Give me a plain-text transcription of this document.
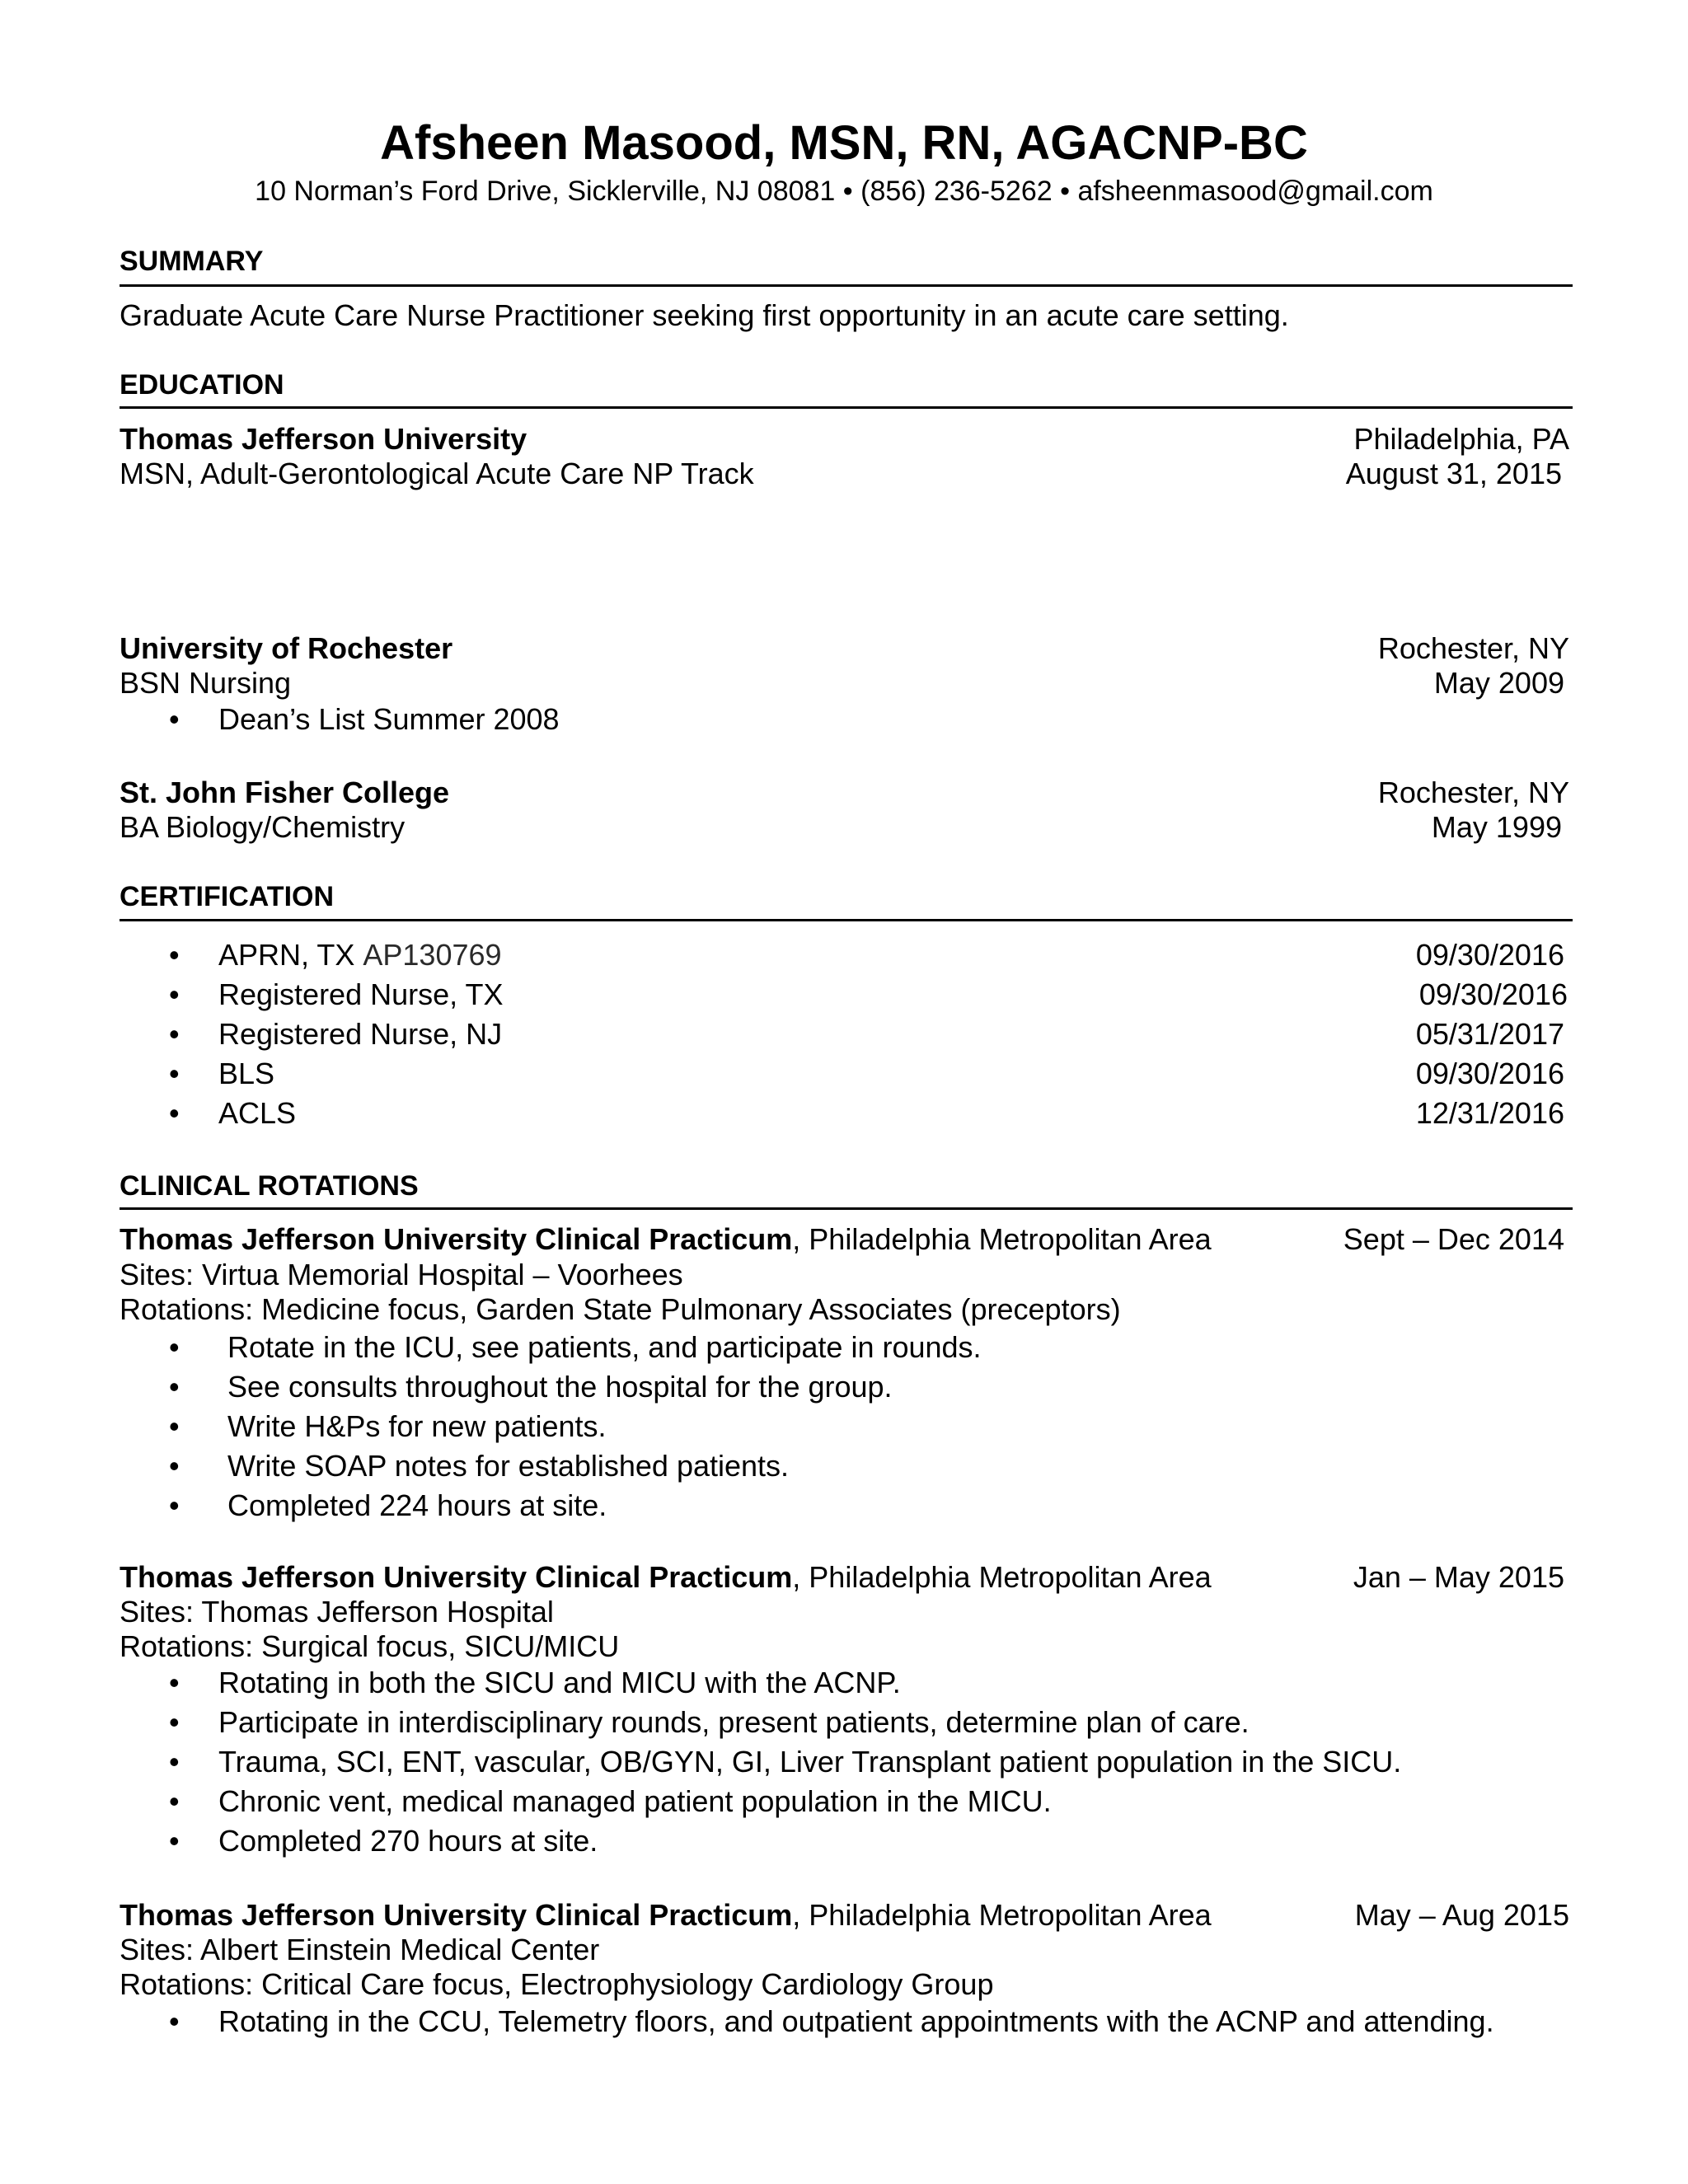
Afsheen Masood, MSN, RN, AGACNP-BC
10 Norman’s Ford Drive, Sicklerville, NJ 08081 • (856) 236-5262 • afsheenmasood@gmail.com
SUMMARY
Graduate Acute Care Nurse Practitioner seeking first opportunity in an acute care setting.
EDUCATION
Thomas Jefferson University	Philadelphia, PA
MSN, Adult-Gerontological Acute Care NP Track	August 31, 2015
University of Rochester	Rochester, NY
BSN Nursing	May 2009
• Dean’s List Summer 2008
St. John Fisher College	Rochester, NY
BA Biology/Chemistry	May 1999
CERTIFICATION
• APRN, TX AP130769	09/30/2016
• Registered Nurse, TX	09/30/2016
• Registered Nurse, NJ	05/31/2017
• BLS	09/30/2016
• ACLS	12/31/2016
CLINICAL ROTATIONS
Thomas Jefferson University Clinical Practicum, Philadelphia Metropolitan Area	Sept – Dec 2014
Sites: Virtua Memorial Hospital – Voorhees
Rotations: Medicine focus, Garden State Pulmonary Associates (preceptors)
• Rotate in the ICU, see patients, and participate in rounds.
• See consults throughout the hospital for the group.
• Write H&Ps for new patients.
• Write SOAP notes for established patients.
• Completed 224 hours at site.
Thomas Jefferson University Clinical Practicum, Philadelphia Metropolitan Area	Jan – May 2015
Sites: Thomas Jefferson Hospital
Rotations: Surgical focus, SICU/MICU
• Rotating in both the SICU and MICU with the ACNP.
• Participate in interdisciplinary rounds, present patients, determine plan of care.
• Trauma, SCI, ENT, vascular, OB/GYN, GI, Liver Transplant patient population in the SICU.
• Chronic vent, medical managed patient population in the MICU.
• Completed 270 hours at site.
Thomas Jefferson University Clinical Practicum, Philadelphia Metropolitan Area	May – Aug 2015
Sites: Albert Einstein Medical Center
Rotations: Critical Care focus, Electrophysiology Cardiology Group
• Rotating in the CCU, Telemetry floors, and outpatient appointments with the ACNP and attending.
